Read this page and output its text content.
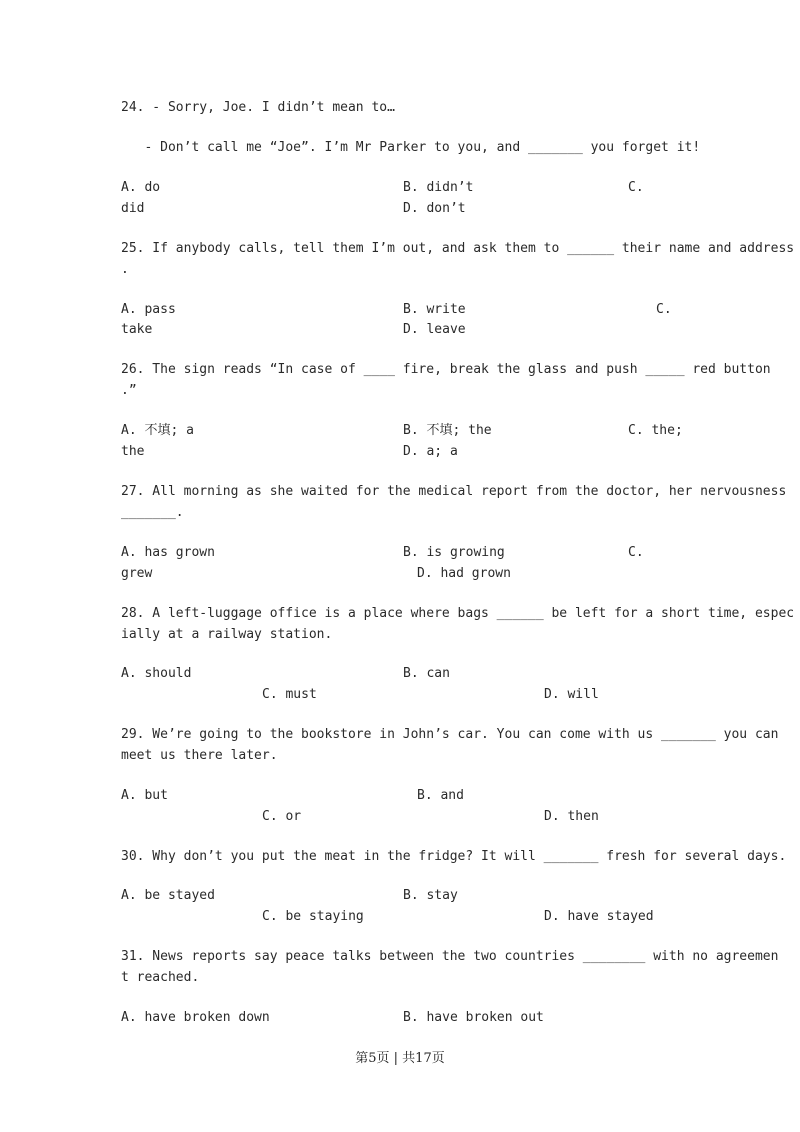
24. - Sorry, Joe. I didn’t mean to…
- Don’t call me “Joe”. I’m Mr Parker to you, and _______ you forget it!
A. do	B. didn’t	C.
did	D. don’t
25. If anybody calls, tell them I’m out, and ask them to ______ their name and address
.
A. pass	B. write	C.
take	D. leave
26. The sign reads “In case of ____ fire, break the glass and push _____ red button
.”
A. 不填; a	B. 不填; the	C. the;
the	D. a; a
27. All morning as she waited for the medical report from the doctor, her nervousness
_______.
A. has grown	B. is growing	C.
grew	D. had grown
28. A left-luggage office is a place where bags ______ be left for a short time, espec
ially at a railway station.
A. should	B. can
C. must	D. will
29. We’re going to the bookstore in John’s car. You can come with us _______ you can
meet us there later.
A. but	B. and
C. or	D. then
30. Why don’t you put the meat in the fridge? It will _______ fresh for several days.
A. be stayed	B. stay
C. be staying	D. have stayed
31. News reports say peace talks between the two countries ________ with no agreemen
t reached.
A. have broken down	B. have broken out
第5页 | 共17页
